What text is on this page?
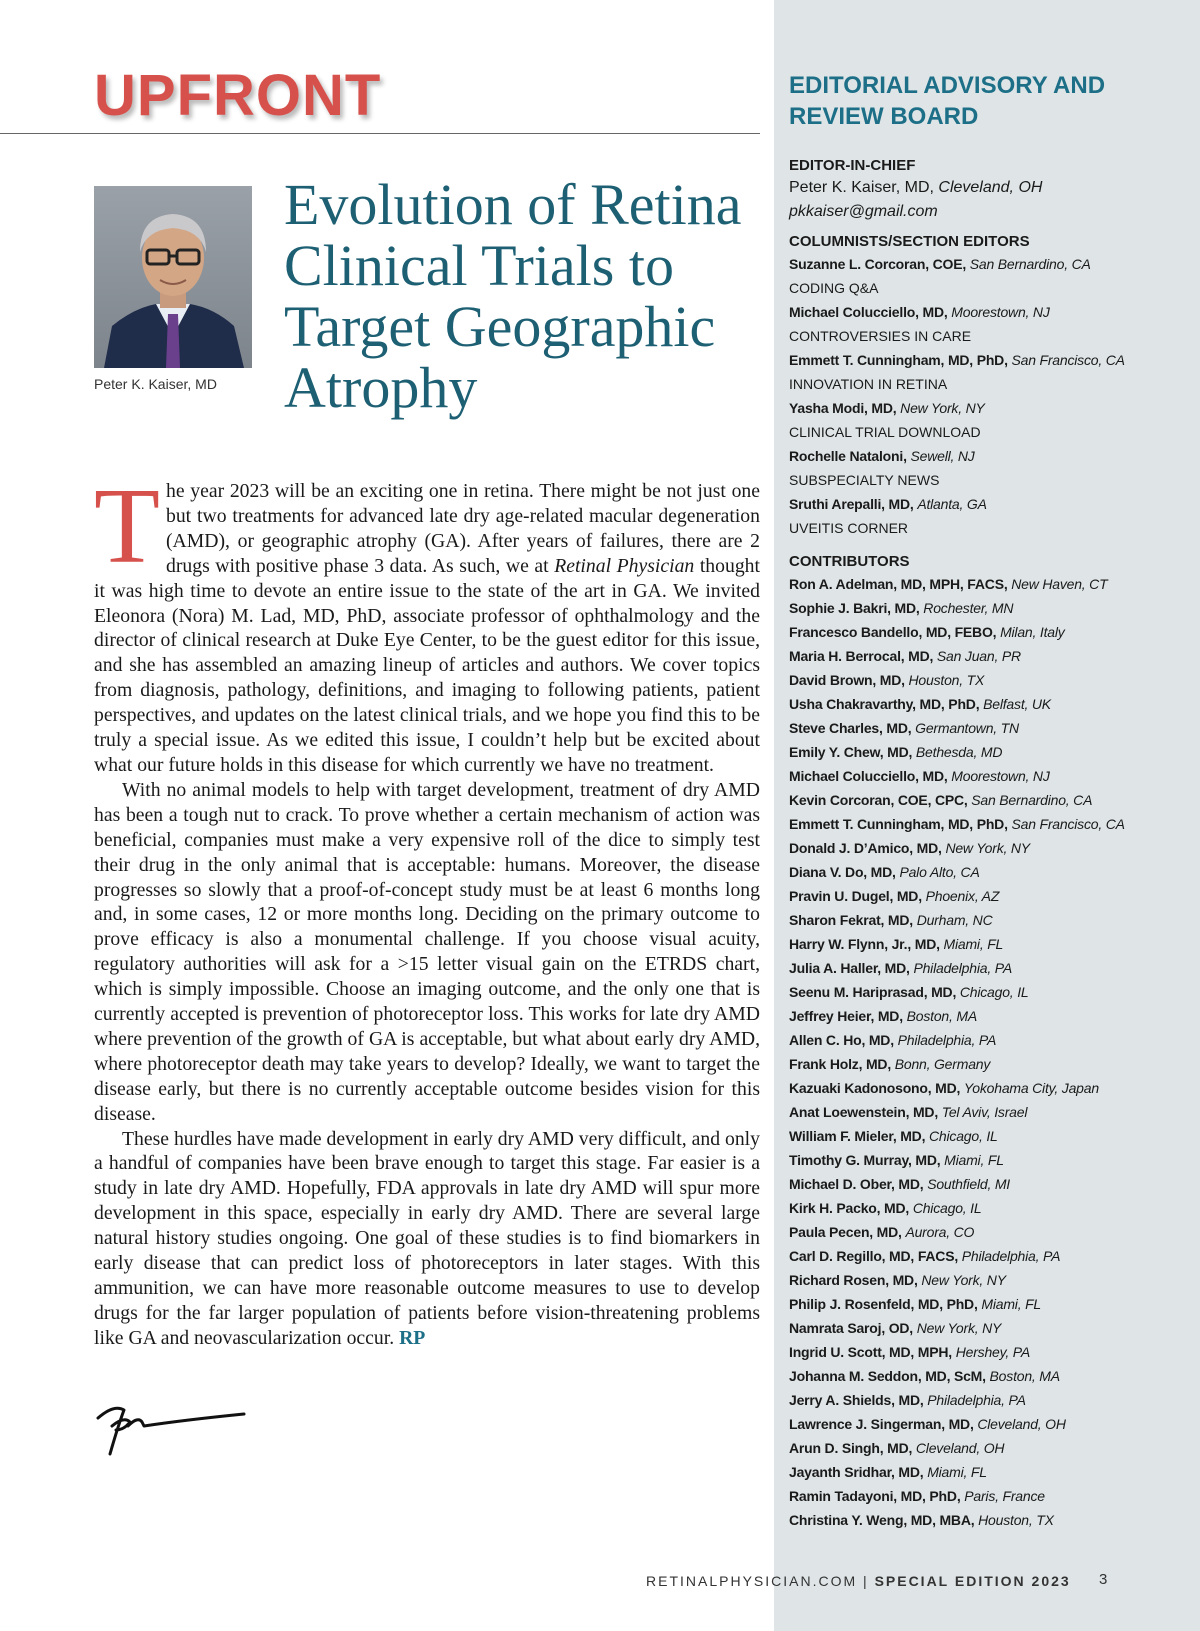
UPFRONT
Peter K. Kaiser, MD
Evolution of Retina Clinical Trials to Target Geographic Atrophy

The year 2023 will be an exciting one in retina. There might be not just one but two treatments for advanced late dry age-related macular degeneration (AMD), or geographic atrophy (GA). After years of failures, there are 2 drugs with positive phase 3 data. As such, we at Retinal Physician thought it was high time to devote an entire issue to the state of the art in GA. We invited Eleonora (Nora) M. Lad, MD, PhD, associate professor of ophthalmology and the director of clinical research at Duke Eye Center, to be the guest editor for this issue, and she has assembled an amazing lineup of articles and authors. We cover topics from diagnosis, pathology, definitions, and imaging to following patients, patient perspectives, and updates on the latest clinical trials, and we hope you find this to be truly a special issue. As we edited this issue, I couldn’t help but be excited about what our future holds in this disease for which currently we have no treatment.

With no animal models to help with target development, treatment of dry AMD has been a tough nut to crack. To prove whether a certain mechanism of action was beneficial, companies must make a very expensive roll of the dice to simply test their drug in the only animal that is acceptable: humans. Moreover, the disease progresses so slowly that a proof-of-concept study must be at least 6 months long and, in some cases, 12 or more months long. Deciding on the primary outcome to prove efficacy is also a monumental challenge. If you choose visual acuity, regulatory authorities will ask for a >15 letter visual gain on the ETRDS chart, which is simply impossible. Choose an imaging outcome, and the only one that is currently accepted is prevention of photoreceptor loss. This works for late dry AMD where prevention of the growth of GA is acceptable, but what about early dry AMD, where photoreceptor death may take years to develop? Ideally, we want to target the disease early, but there is no currently acceptable outcome besides vision for this disease.

These hurdles have made development in early dry AMD very difficult, and only a handful of companies have been brave enough to target this stage. Far easier is a study in late dry AMD. Hopefully, FDA approvals in late dry AMD will spur more development in this space, especially in early dry AMD. There are several large natural history studies ongoing. One goal of these studies is to find biomarkers in early disease that can predict loss of photoreceptors in later stages. With this ammunition, we can have more reasonable outcome measures to use to develop drugs for the far larger population of patients before vision-threatening problems like GA and neovascularization occur. RP

RETINALPHYSICIAN.COM | SPECIAL EDITION 2023 3
EDITORIAL ADVISORY AND REVIEW BOARD
EDITOR-IN-CHIEF
Peter K. Kaiser, MD, Cleveland, OH
pkkaiser@gmail.com
COLUMNISTS/SECTION EDITORS
Suzanne L. Corcoran, COE, San Bernardino, CA
CODING Q&A
Michael Colucciello, MD, Moorestown, NJ
CONTROVERSIES IN CARE
Emmett T. Cunningham, MD, PhD, San Francisco, CA
INNOVATION IN RETINA
Yasha Modi, MD, New York, NY
CLINICAL TRIAL DOWNLOAD
Rochelle Nataloni, Sewell, NJ
SUBSPECIALTY NEWS
Sruthi Arepalli, MD, Atlanta, GA
UVEITIS CORNER
CONTRIBUTORS
Ron A. Adelman, MD, MPH, FACS, New Haven, CT
Sophie J. Bakri, MD, Rochester, MN
Francesco Bandello, MD, FEBO, Milan, Italy
Maria H. Berrocal, MD, San Juan, PR
David Brown, MD, Houston, TX
Usha Chakravarthy, MD, PhD, Belfast, UK
Steve Charles, MD, Germantown, TN
Emily Y. Chew, MD, Bethesda, MD
Michael Colucciello, MD, Moorestown, NJ
Kevin Corcoran, COE, CPC, San Bernardino, CA
Emmett T. Cunningham, MD, PhD, San Francisco, CA
Donald J. D’Amico, MD, New York, NY
Diana V. Do, MD, Palo Alto, CA
Pravin U. Dugel, MD, Phoenix, AZ
Sharon Fekrat, MD, Durham, NC
Harry W. Flynn, Jr., MD, Miami, FL
Julia A. Haller, MD, Philadelphia, PA
Seenu M. Hariprasad, MD, Chicago, IL
Jeffrey Heier, MD, Boston, MA
Allen C. Ho, MD, Philadelphia, PA
Frank Holz, MD, Bonn, Germany
Kazuaki Kadonosono, MD, Yokohama City, Japan
Anat Loewenstein, MD, Tel Aviv, Israel
William F. Mieler, MD, Chicago, IL
Timothy G. Murray, MD, Miami, FL
Michael D. Ober, MD, Southfield, MI
Kirk H. Packo, MD, Chicago, IL
Paula Pecen, MD, Aurora, CO
Carl D. Regillo, MD, FACS, Philadelphia, PA
Richard Rosen, MD, New York, NY
Philip J. Rosenfeld, MD, PhD, Miami, FL
Namrata Saroj, OD, New York, NY
Ingrid U. Scott, MD, MPH, Hershey, PA
Johanna M. Seddon, MD, ScM, Boston, MA
Jerry A. Shields, MD, Philadelphia, PA
Lawrence J. Singerman, MD, Cleveland, OH
Arun D. Singh, MD, Cleveland, OH
Jayanth Sridhar, MD, Miami, FL
Ramin Tadayoni, MD, PhD, Paris, France
Christina Y. Weng, MD, MBA, Houston, TX
